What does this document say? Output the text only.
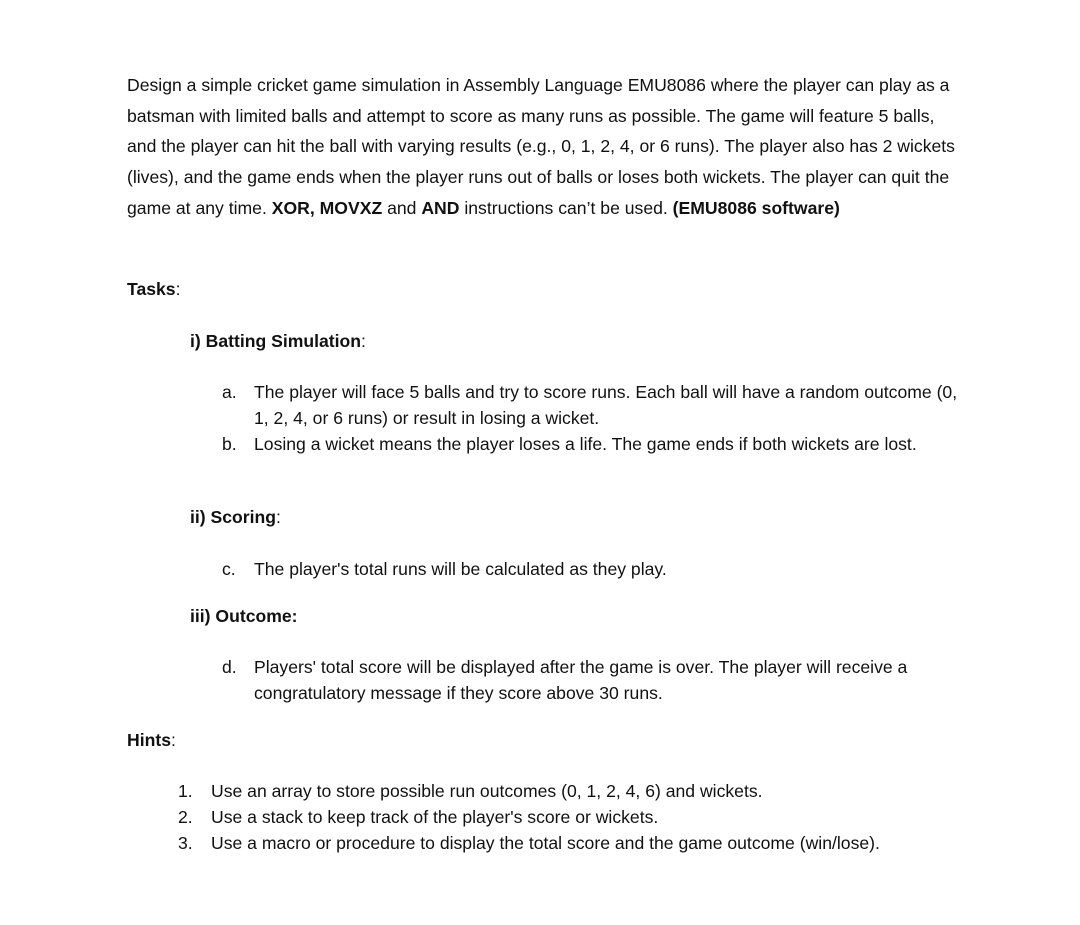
Design a simple cricket game simulation in Assembly Language EMU8086 where the player can play as a batsman with limited balls and attempt to score as many runs as possible. The game will feature 5 balls, and the player can hit the ball with varying results (e.g., 0, 1, 2, 4, or 6 runs). The player also has 2 wickets (lives), and the game ends when the player runs out of balls or loses both wickets. The player can quit the game at any time. XOR, MOVXZ and AND instructions can’t be used. (EMU8086 software)

Tasks:

i) Batting Simulation:

a. The player will face 5 balls and try to score runs. Each ball will have a random outcome (0, 1, 2, 4, or 6 runs) or result in losing a wicket.
b. Losing a wicket means the player loses a life. The game ends if both wickets are lost.

ii) Scoring:

c. The player's total runs will be calculated as they play.

iii) Outcome:

d. Players' total score will be displayed after the game is over. The player will receive a congratulatory message if they score above 30 runs.

Hints:

1. Use an array to store possible run outcomes (0, 1, 2, 4, 6) and wickets.
2. Use a stack to keep track of the player's score or wickets.
3. Use a macro or procedure to display the total score and the game outcome (win/lose).
